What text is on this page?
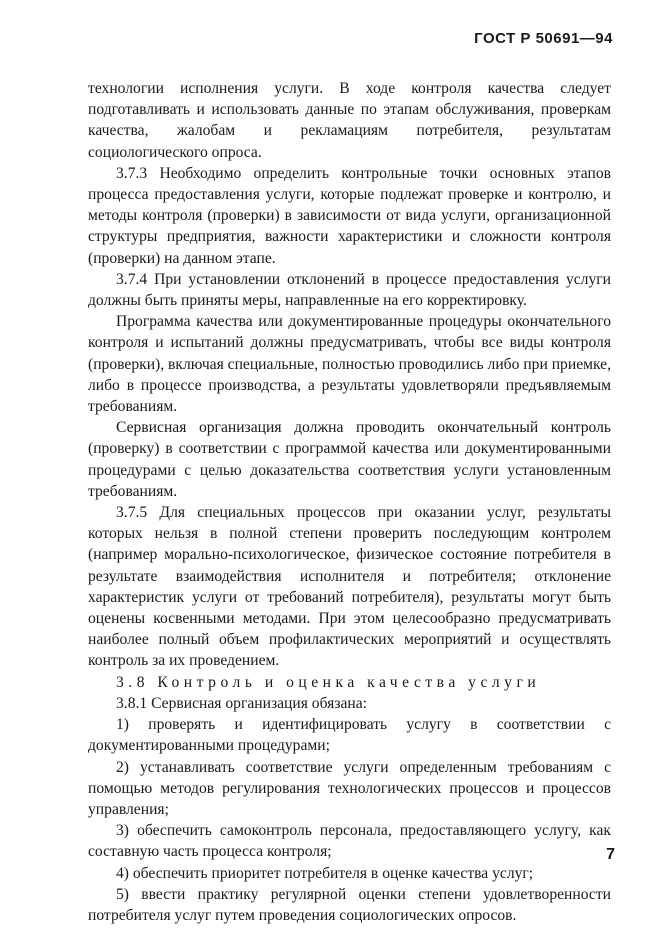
ГОСТ Р 50691—94

технологии исполнения услуги. В ходе контроля качества следует подготавливать и использовать данные по этапам обслуживания, проверкам качества, жалобам и рекламациям потребителя, результатам социологического опроса.

3.7.3 Необходимо определить контрольные точки основных этапов процесса предоставления услуги, которые подлежат проверке и контролю, и методы контроля (проверки) в зависимости от вида услуги, организационной структуры предприятия, важности характеристики и сложности контроля (проверки) на данном этапе.

3.7.4 При установлении отклонений в процессе предоставления услуги должны быть приняты меры, направленные на его корректировку.

Программа качества или документированные процедуры окончательного контроля и испытаний должны предусматривать, чтобы все виды контроля (проверки), включая специальные, полностью проводились либо при приемке, либо в процессе производства, а результаты удовлетворяли предъявляемым требованиям.

Сервисная организация должна проводить окончательный контроль (проверку) в соответствии с программой качества или документированными процедурами с целью доказательства соответствия услуги установленным требованиям.

3.7.5 Для специальных процессов при оказании услуг, результаты которых нельзя в полной степени проверить последующим контролем (например морально-психологическое, физическое состояние потребителя в результате взаимодействия исполнителя и потребителя; отклонение характеристик услуги от требований потребителя), результаты могут быть оценены косвенными методами. При этом целесообразно предусматривать наиболее полный объем профилактических мероприятий и осуществлять контроль за их проведением.

3.8 Контроль и оценка качества услуги

3.8.1 Сервисная организация обязана:

1) проверять и идентифицировать услугу в соответствии с документированными процедурами;

2) устанавливать соответствие услуги определенным требованиям с помощью методов регулирования технологических процессов и процессов управления;

3) обеспечить самоконтроль персонала, предоставляющего услугу, как составную часть процесса контроля;

4) обеспечить приоритет потребителя в оценке качества услуг;

5) ввести практику регулярной оценки степени удовлетворенности потребителя услуг путем проведения социологических опросов.

7
